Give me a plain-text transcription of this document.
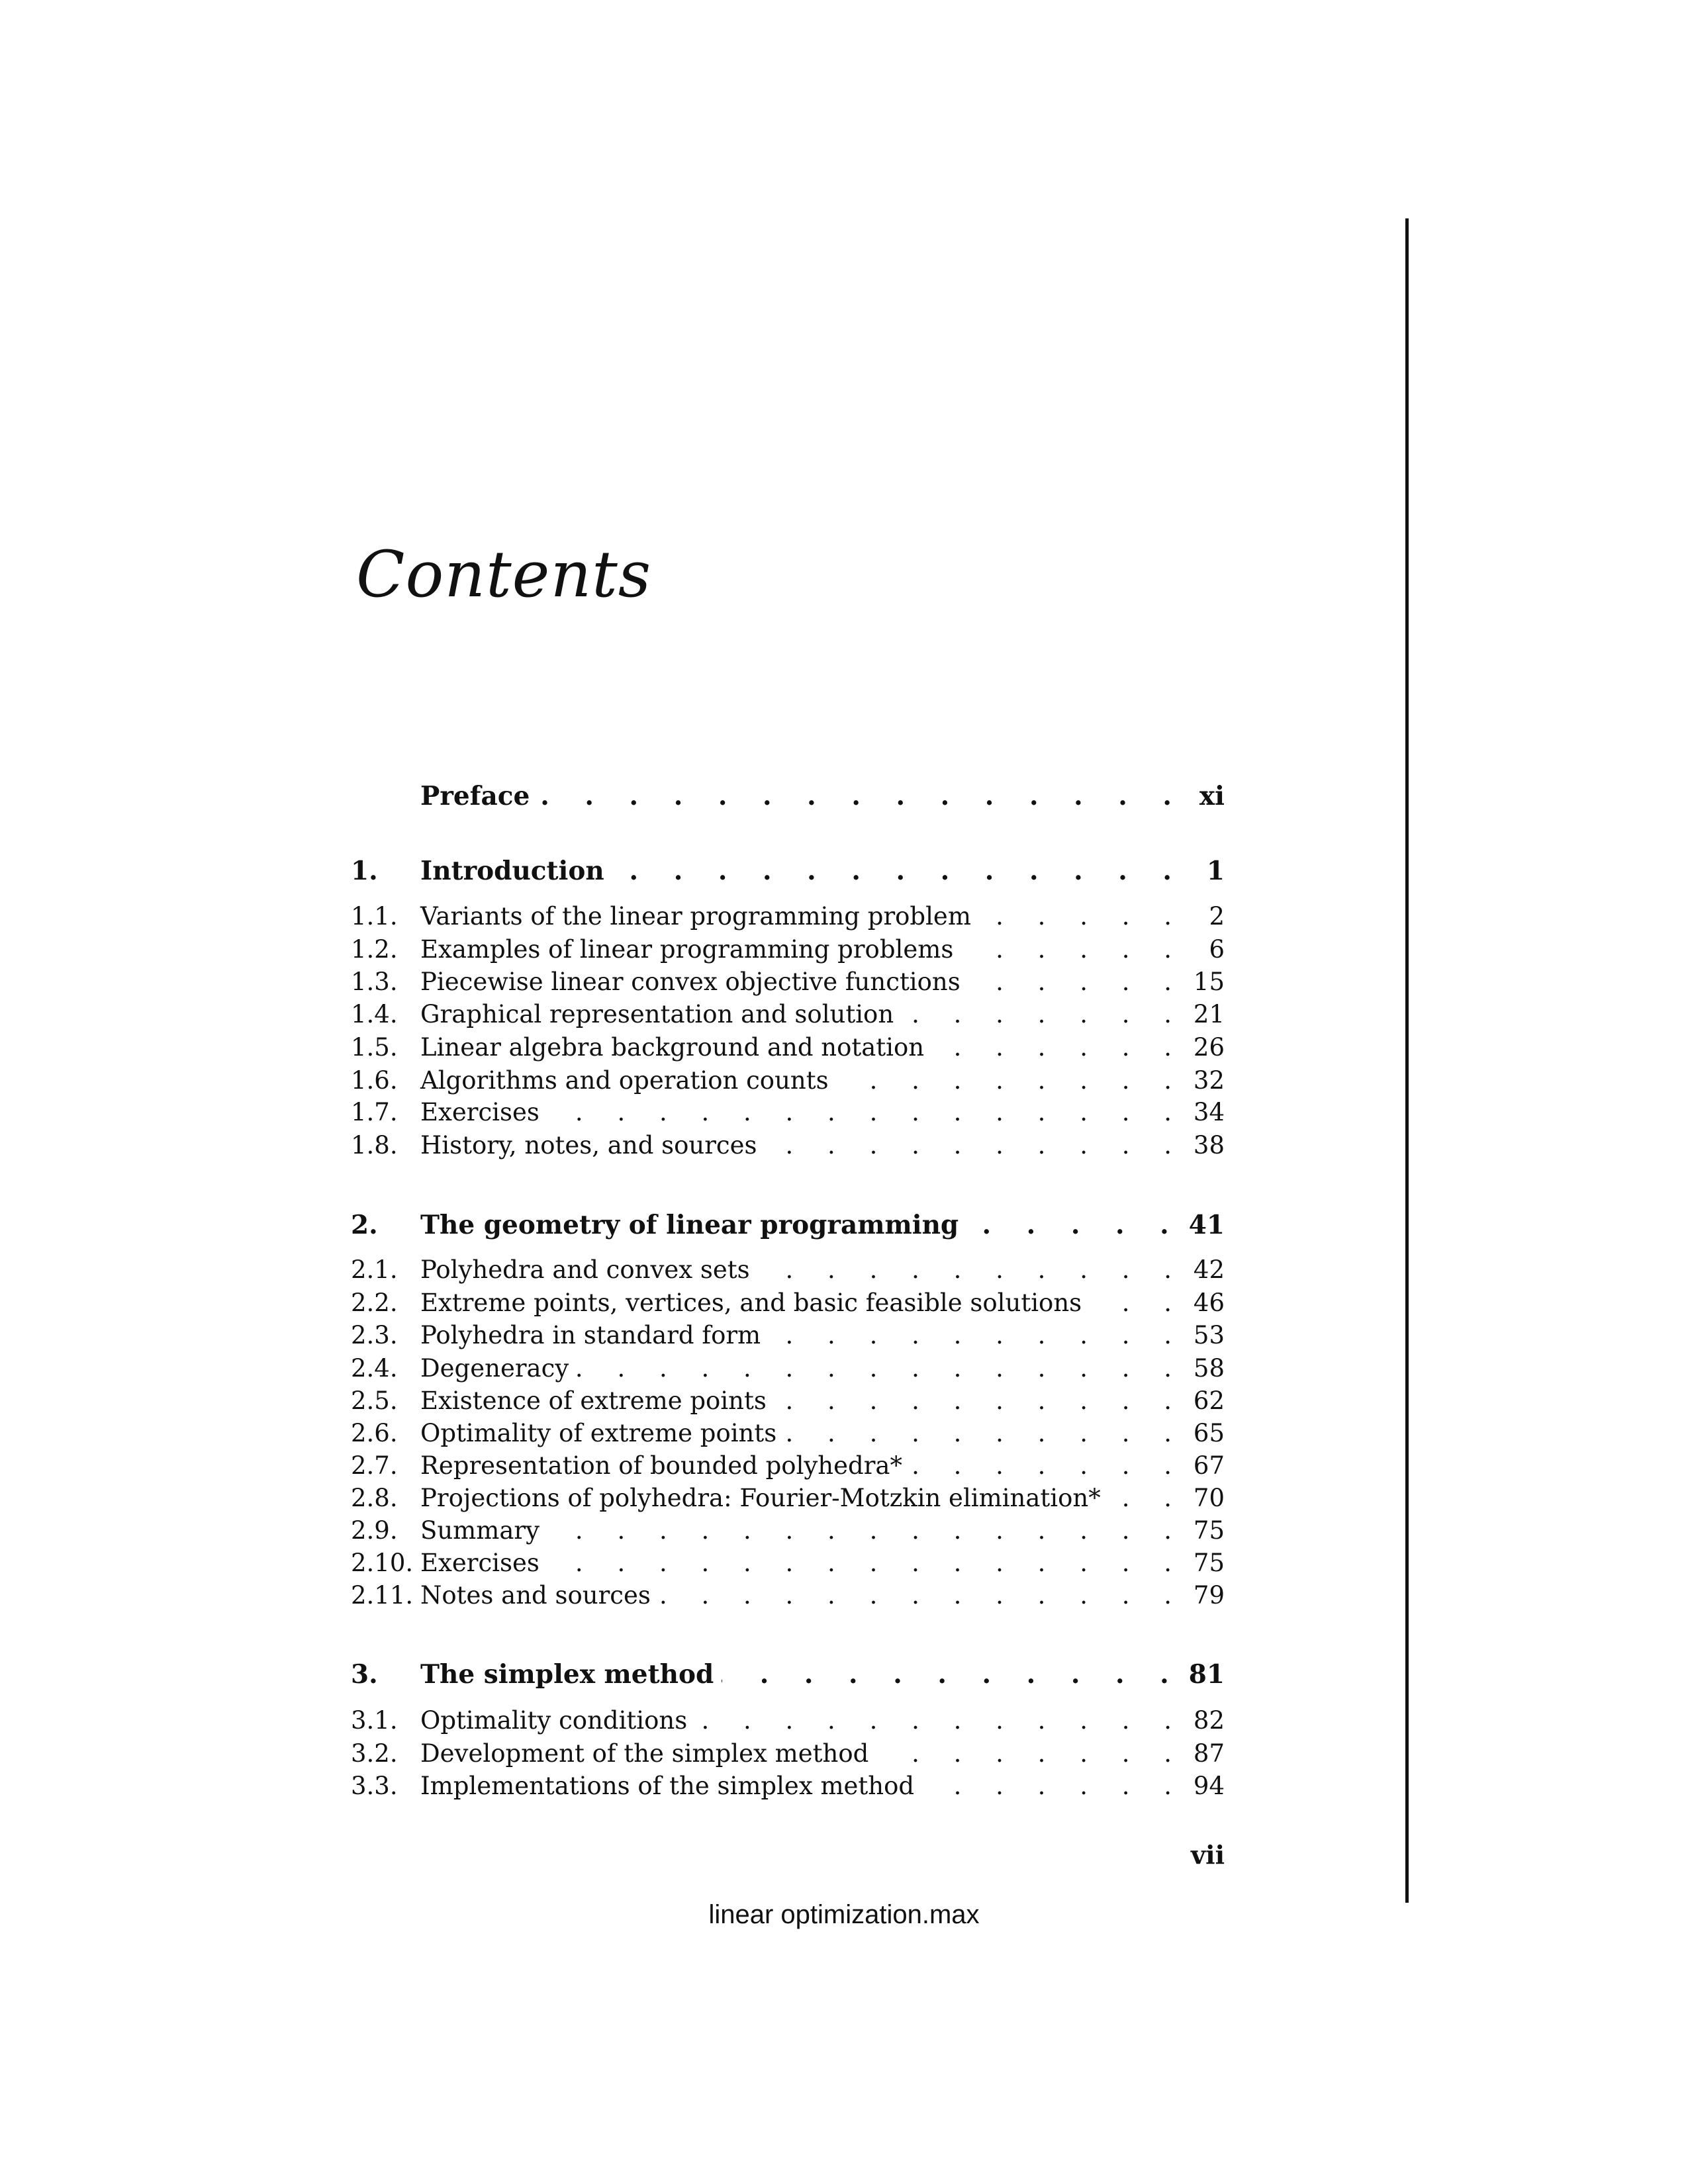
Contents
Preface . . .	xi
1.	Introduction . . .	1
1.1. Variants of the linear programming problem . . .	2
1.2. Examples of linear programming problems . . .	6
1.3. Piecewise linear convex objective functions . . .	15
1.4. Graphical representation and solution . . .	21
1.5. Linear algebra background and notation . . .	26
1.6. Algorithms and operation counts . . .	32
1.7. Exercises . . .	34
1.8. History, notes, and sources . . .	38
2.	The geometry of linear programming . . .	41
2.1. Polyhedra and convex sets . . .	42
2.2. Extreme points, vertices, and basic feasible solutions . . .	46
2.3. Polyhedra in standard form . . .	53
2.4. Degeneracy . . .	58
2.5. Existence of extreme points . . .	62
2.6. Optimality of extreme points . . .	65
2.7. Representation of bounded polyhedra* . . .	67
2.8. Projections of polyhedra: Fourier-Motzkin elimination* . . .	70
2.9. Summary . . .	75
2.10. Exercises . . .	75
2.11. Notes and sources . . .	79
3.	The simplex method . . .	81
3.1. Optimality conditions . . .	82
3.2. Development of the simplex method . . .	87
3.3. Implementations of the simplex method . . .	94
vii
linear optimization.max
